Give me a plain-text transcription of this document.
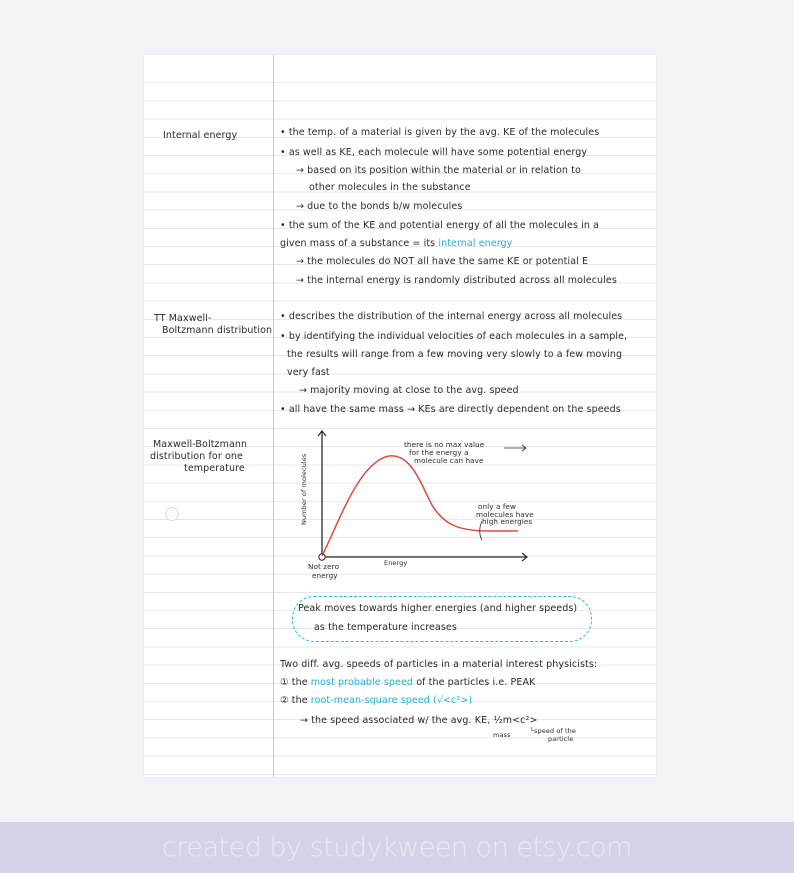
Internal energy	• the temp. of a material is given by the avg. KE of the molecules
• as well as KE, each molecule will have some potential energy
→ based on its position within the material or in relation to
other molecules in the substance
→ due to the bonds b/w molecules
• the sum of the KE and potential energy of all the molecules in a
given mass of a substance = its internal energy
→ the molecules do NOT all have the same KE or potential E
→ the internal energy is randomly distributed across all molecules
TT Maxwell-
Boltzmann distribution
• describes the distribution of the internal energy across all molecules
• by identifying the individual velocities of each molecules in a sample,
the results will range from a few moving very slowly to a few moving
very fast
→ majority moving at close to the avg. speed
• all have the same mass → KEs are directly dependent on the speeds
Maxwell-Boltzmann
distribution for one
temperature	Number of molecules
Energy
Not zero
energy
there is no max value
for the energy a
molecule can have
only a few
molecules have
high energies
Peak moves towards higher energies (and higher speeds)
as the temperature increases
Two diff. avg. speeds of particles in a material interest physicists:
① the most probable speed of the particles i.e. PEAK
② the root-mean-square speed (√<c²>)
→ the speed associated w/ the avg. KE, ½m<c²>
mass	└speed of the
particle
created by studykween on etsy.com
